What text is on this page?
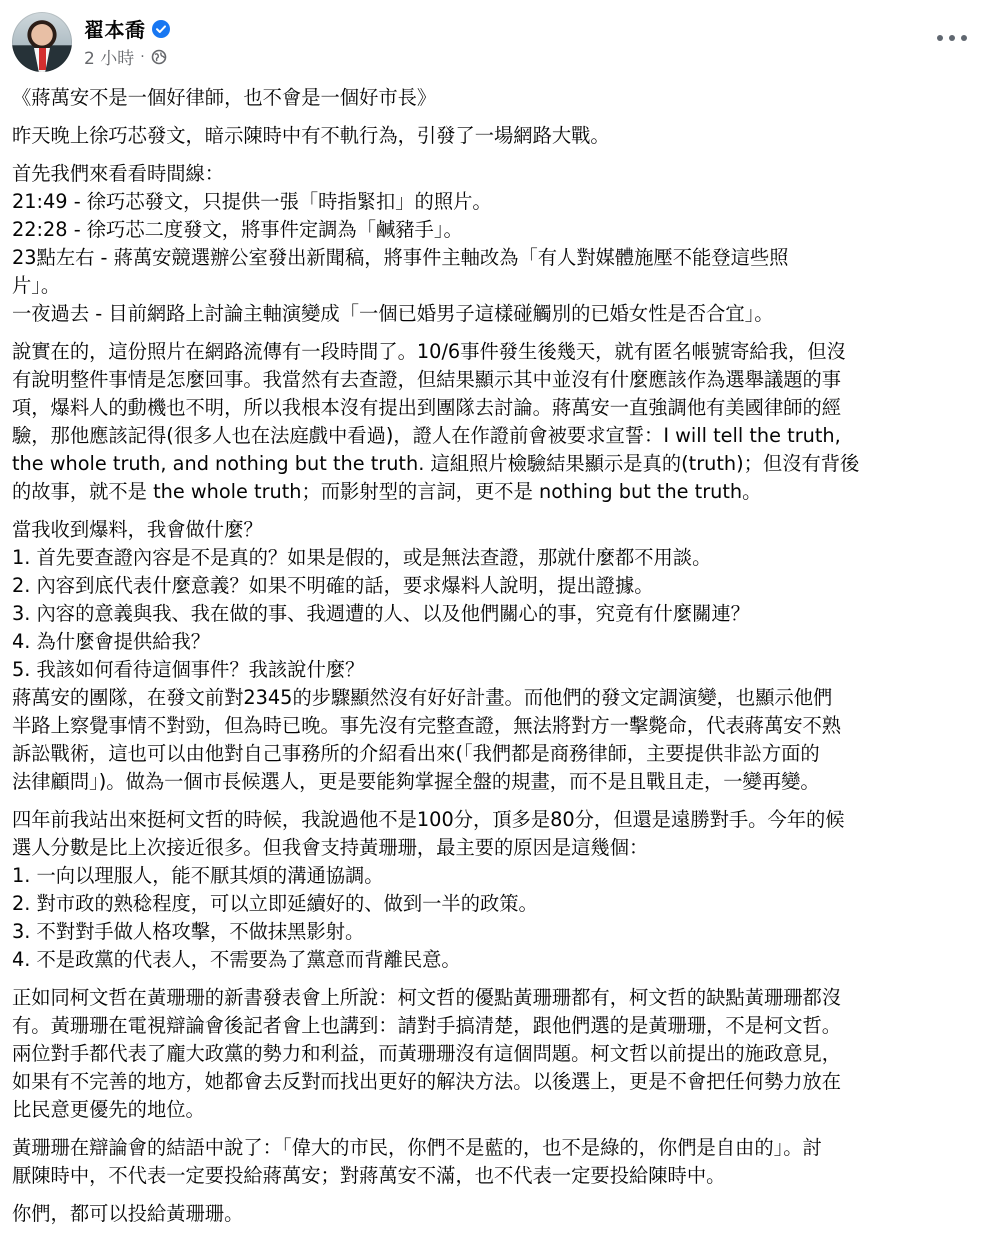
翟本喬
2 小時 ·
《蔣萬安不是一個好律師，也不會是一個好市長》
昨天晚上徐巧芯發文，暗示陳時中有不軌行為，引發了一場網路大戰。
首先我們來看看時間線：
21:49 - 徐巧芯發文，只提供一張「時指緊扣」的照片。
22:28 - 徐巧芯二度發文，將事件定調為「鹹豬手」。
23點左右 - 蔣萬安競選辦公室發出新聞稿，將事件主軸改為「有人對媒體施壓不能登這些照
片」。
一夜過去 - 目前網路上討論主軸演變成「一個已婚男子這樣碰觸別的已婚女性是否合宜」。
說實在的，這份照片在網路流傳有一段時間了。10/6事件發生後幾天，就有匿名帳號寄給我，但沒
有說明整件事情是怎麼回事。我當然有去查證，但結果顯示其中並沒有什麼應該作為選舉議題的事
項，爆料人的動機也不明，所以我根本沒有提出到團隊去討論。蔣萬安一直強調他有美國律師的經
驗，那他應該記得(很多人也在法庭戲中看過)，證人在作證前會被要求宣誓：I will tell the truth,
the whole truth, and nothing but the truth. 這組照片檢驗結果顯示是真的(truth)；但沒有背後
的故事，就不是 the whole truth；而影射型的言詞，更不是 nothing but the truth。
當我收到爆料，我會做什麼？
1. 首先要查證內容是不是真的？如果是假的，或是無法查證，那就什麼都不用談。
2. 內容到底代表什麼意義？如果不明確的話，要求爆料人說明，提出證據。
3. 內容的意義與我、我在做的事、我週遭的人、以及他們關心的事，究竟有什麼關連？
4. 為什麼會提供給我？
5. 我該如何看待這個事件？我該說什麼？
蔣萬安的團隊，在發文前對2345的步驟顯然沒有好好計畫。而他們的發文定調演變，也顯示他們
半路上察覺事情不對勁，但為時已晚。事先沒有完整查證，無法將對方一擊斃命，代表蔣萬安不熟
訴訟戰術，這也可以由他對自己事務所的介紹看出來(「我們都是商務律師，主要提供非訟方面的
法律顧問」)。做為一個市長候選人，更是要能夠掌握全盤的規畫，而不是且戰且走，一變再變。
四年前我站出來挺柯文哲的時候，我說過他不是100分，頂多是80分，但還是遠勝對手。今年的候
選人分數是比上次接近很多。但我會支持黃珊珊，最主要的原因是這幾個：
1. 一向以理服人，能不厭其煩的溝通協調。
2. 對市政的熟稔程度，可以立即延續好的、做到一半的政策。
3. 不對對手做人格攻擊，不做抹黑影射。
4. 不是政黨的代表人，不需要為了黨意而背離民意。
正如同柯文哲在黃珊珊的新書發表會上所說：柯文哲的優點黃珊珊都有，柯文哲的缺點黃珊珊都沒
有。黃珊珊在電視辯論會後記者會上也講到：請對手搞清楚，跟他們選的是黃珊珊，不是柯文哲。
兩位對手都代表了龐大政黨的勢力和利益，而黃珊珊沒有這個問題。柯文哲以前提出的施政意見，
如果有不完善的地方，她都會去反對而找出更好的解決方法。以後選上，更是不會把任何勢力放在
比民意更優先的地位。
黃珊珊在辯論會的結語中說了：「偉大的市民，你們不是藍的，也不是綠的，你們是自由的」。討
厭陳時中，不代表一定要投給蔣萬安；對蔣萬安不滿，也不代表一定要投給陳時中。
你們，都可以投給黃珊珊。
